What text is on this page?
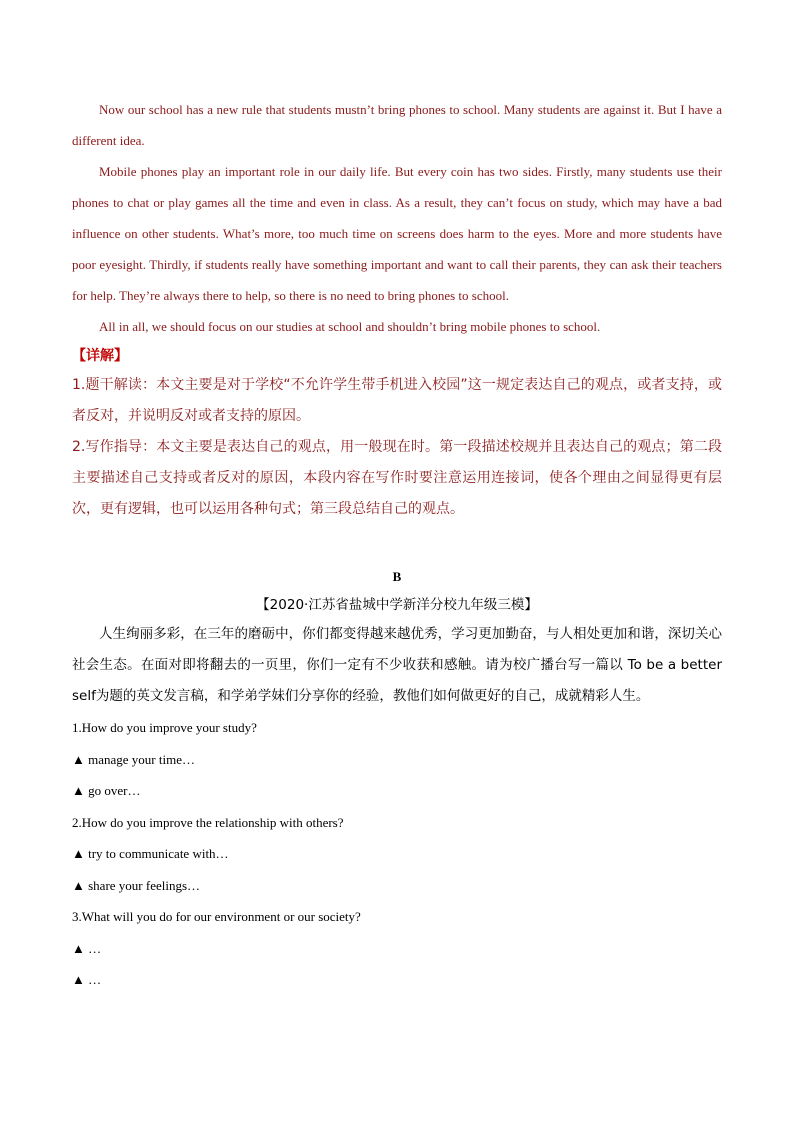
Now our school has a new rule that students mustn’t bring phones to school. Many students are against it. But I have a different idea.

Mobile phones play an important role in our daily life. But every coin has two sides. Firstly, many students use their phones to chat or play games all the time and even in class. As a result, they can’t focus on study, which may have a bad influence on other students. What’s more, too much time on screens does harm to the eyes. More and more students have poor eyesight. Thirdly, if students really have something important and want to call their parents, they can ask their teachers for help. They’re always there to help, so there is no need to bring phones to school.

All in all, we should focus on our studies at school and shouldn’t bring mobile phones to school.

【详解】

1.题干解读：本文主要是对于学校“不允许学生带手机进入校园”这一规定表达自己的观点，或者支持，或者反对，并说明反对或者支持的原因。

2.写作指导：本文主要是表达自己的观点，用一般现在时。第一段描述校规并且表达自己的观点；第二段主要描述自己支持或者反对的原因，本段内容在写作时要注意运用连接词，使各个理由之间显得更有层次，更有逻辑，也可以运用各种句式；第三段总结自己的观点。

B

【2020·江苏省盐城中学新洋分校九年级三模】

人生绚丽多彩，在三年的磨砺中，你们都变得越来越优秀，学习更加勤奋，与人相处更加和谐，深切关心社会生态。在面对即将翻去的一页里，你们一定有不少收获和感触。请为校广播台写一篇以 To be a better self为题的英文发言稿，和学弟学妹们分享你的经验，教他们如何做更好的自己，成就精彩人生。

1.How do you improve your study?

▲ manage your time…

▲ go over…

2.How do you improve the relationship with others?

▲ try to communicate with…

▲ share your feelings…

3.What will you do for our environment or our society?

▲ …

▲ …
